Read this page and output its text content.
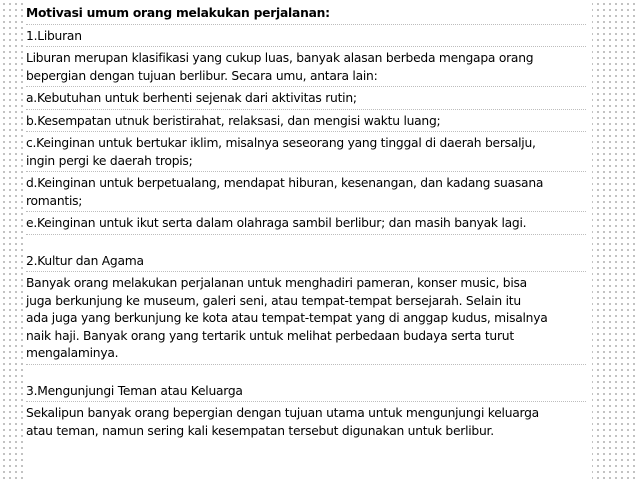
Motivasi umum orang melakukan perjalanan:
1.Liburan
Liburan merupan klasifikasi yang cukup luas, banyak alasan berbeda mengapa orang
bepergian dengan tujuan berlibur. Secara umu, antara lain:
a.Kebutuhan untuk berhenti sejenak dari aktivitas rutin;
b.Kesempatan utnuk beristirahat, relaksasi, dan mengisi waktu luang;
c.Keinginan untuk bertukar iklim, misalnya seseorang yang tinggal di daerah bersalju,
ingin pergi ke daerah tropis;
d.Keinginan untuk berpetualang, mendapat hiburan, kesenangan, dan kadang suasana
romantis;
e.Keinginan untuk ikut serta dalam olahraga sambil berlibur; dan masih banyak lagi.
2.Kultur dan Agama
Banyak orang melakukan perjalanan untuk menghadiri pameran, konser music, bisa
juga berkunjung ke museum, galeri seni, atau tempat-tempat bersejarah. Selain itu
ada juga yang berkunjung ke kota atau tempat-tempat yang di anggap kudus, misalnya
naik haji. Banyak orang yang tertarik untuk melihat perbedaan budaya serta turut
mengalaminya.
3.Mengunjungi Teman atau Keluarga
Sekalipun banyak orang bepergian dengan tujuan utama untuk mengunjungi keluarga
atau teman, namun sering kali kesempatan tersebut digunakan untuk berlibur.
